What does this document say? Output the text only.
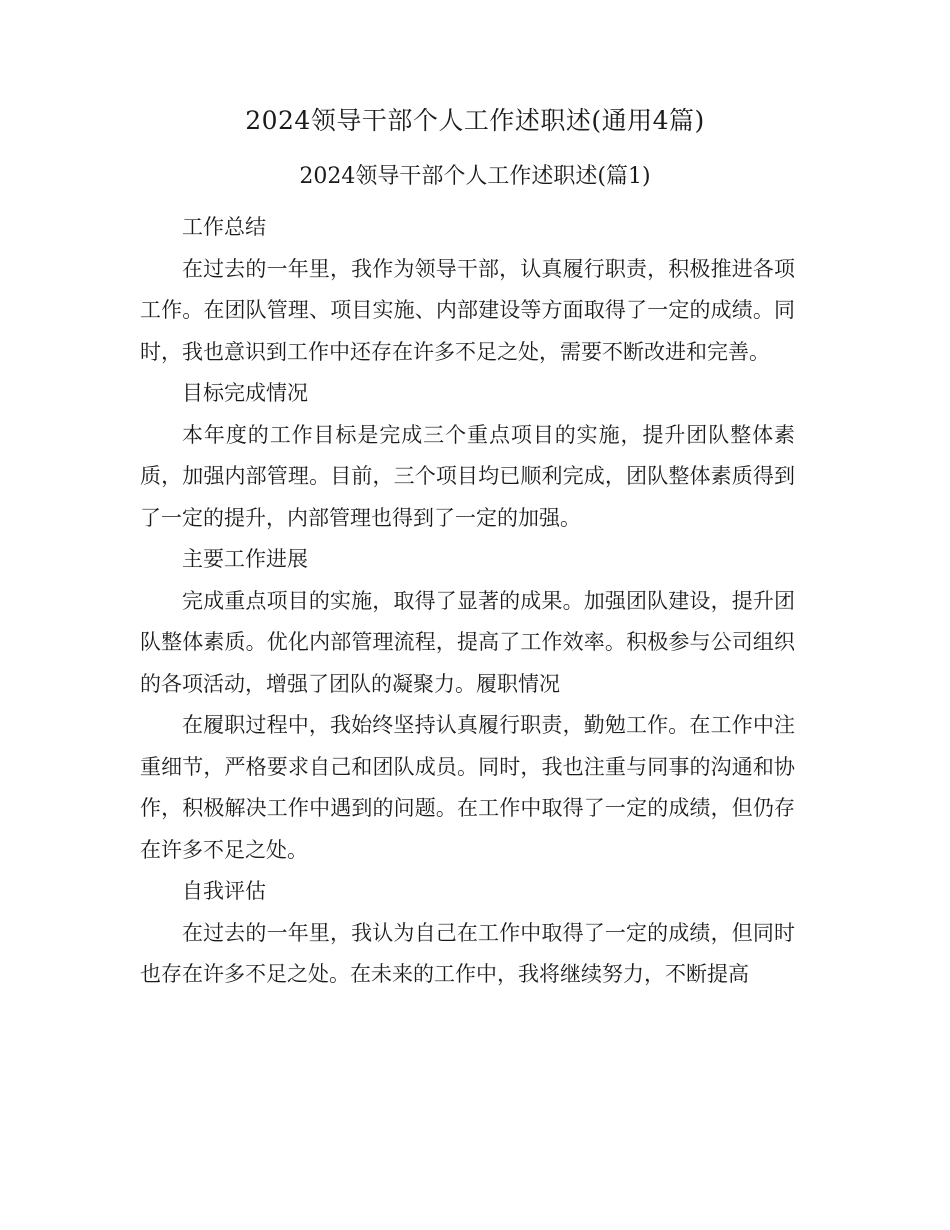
2024领导干部个人工作述职述(通用4篇)
2024领导干部个人工作述职述(篇1)
工作总结

在过去的一年里，我作为领导干部，认真履行职责，积极推进各项工作。在团队管理、项目实施、内部建设等方面取得了一定的成绩。同时，我也意识到工作中还存在许多不足之处，需要不断改进和完善。

目标完成情况

本年度的工作目标是完成三个重点项目的实施，提升团队整体素质，加强内部管理。目前，三个项目均已顺利完成，团队整体素质得到了一定的提升，内部管理也得到了一定的加强。

主要工作进展

完成重点项目的实施，取得了显著的成果。加强团队建设，提升团队整体素质。优化内部管理流程，提高了工作效率。积极参与公司组织的各项活动，增强了团队的凝聚力。履职情况

在履职过程中，我始终坚持认真履行职责，勤勉工作。在工作中注重细节，严格要求自己和团队成员。同时，我也注重与同事的沟通和协作，积极解决工作中遇到的问题。在工作中取得了一定的成绩，但仍存在许多不足之处。

自我评估

在过去的一年里，我认为自己在工作中取得了一定的成绩，但同时也存在许多不足之处。在未来的工作中，我将继续努力，不断提高
